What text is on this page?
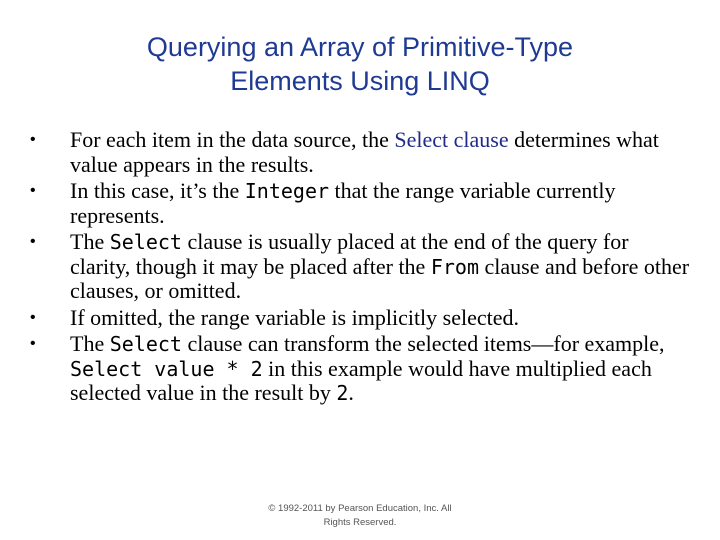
Querying an Array of Primitive-Type
Elements Using LINQ
•	For each item in the data source, the Select clause determines what value appears in the results.
•	In this case, it’s the Integer that the range variable currently represents.
•	The Select clause is usually placed at the end of the query for clarity, though it may be placed after the From clause and before other clauses, or omitted.
•	If omitted, the range variable is implicitly selected.
•	The Select clause can transform the selected items—for example, Select value * 2 in this example would have multiplied each selected value in the result by 2.
© 1992-2011 by Pearson Education, Inc. All
Rights Reserved.
